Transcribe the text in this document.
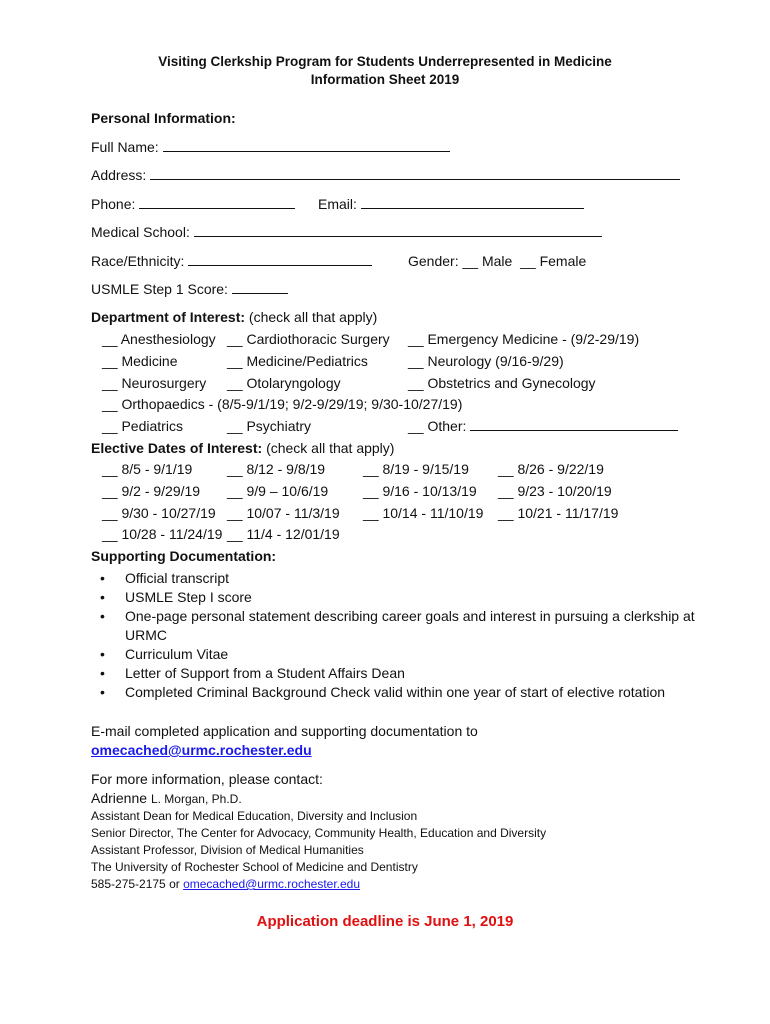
Visiting Clerkship Program for Students Underrepresented in Medicine
Information Sheet 2019
Personal Information:
Full Name:
Address:
Phone:	Email:
Medical School:
Race/Ethnicity:	Gender: __ Male __ Female
USMLE Step 1 Score:
Department of Interest: (check all that apply)
__ Anesthesiology __ Cardiothoracic Surgery __ Emergency Medicine - (9/2-29/19)
__ Medicine	__ Medicine/Pediatrics	__ Neurology (9/16-9/29)
__ Neurosurgery __ Otolaryngology	__ Obstetrics and Gynecology
__ Orthopaedics - (8/5-9/1/19; 9/2-9/29/19; 9/30-10/27/19)
__ Pediatrics	__ Psychiatry	__ Other:
Elective Dates of Interest: (check all that apply)
__ 8/5 - 9/1/19 __ 8/12 - 9/8/19	__ 8/19 - 9/15/19 __ 8/26 - 9/22/19
__ 9/2 - 9/29/19 __ 9/9 – 10/6/19 __ 9/16 - 10/13/19 __ 9/23 - 10/20/19
__ 9/30 - 10/27/19 __ 10/07 - 11/3/19 __ 10/14 - 11/10/19 __ 10/21 - 11/17/19
__ 10/28 - 11/24/19 __ 11/4 - 12/01/19
Supporting Documentation:
• Official transcript
• USMLE Step I score
• One-page personal statement describing career goals and interest in pursuing a clerkship at URMC
• Curriculum Vitae
• Letter of Support from a Student Affairs Dean
• Completed Criminal Background Check valid within one year of start of elective rotation
E-mail completed application and supporting documentation to
omecached@urmc.rochester.edu
For more information, please contact:
Adrienne L. Morgan, Ph.D.
Assistant Dean for Medical Education, Diversity and Inclusion
Senior Director, The Center for Advocacy, Community Health, Education and Diversity
Assistant Professor, Division of Medical Humanities
The University of Rochester School of Medicine and Dentistry
585-275-2175 or omecached@urmc.rochester.edu
Application deadline is June 1, 2019
